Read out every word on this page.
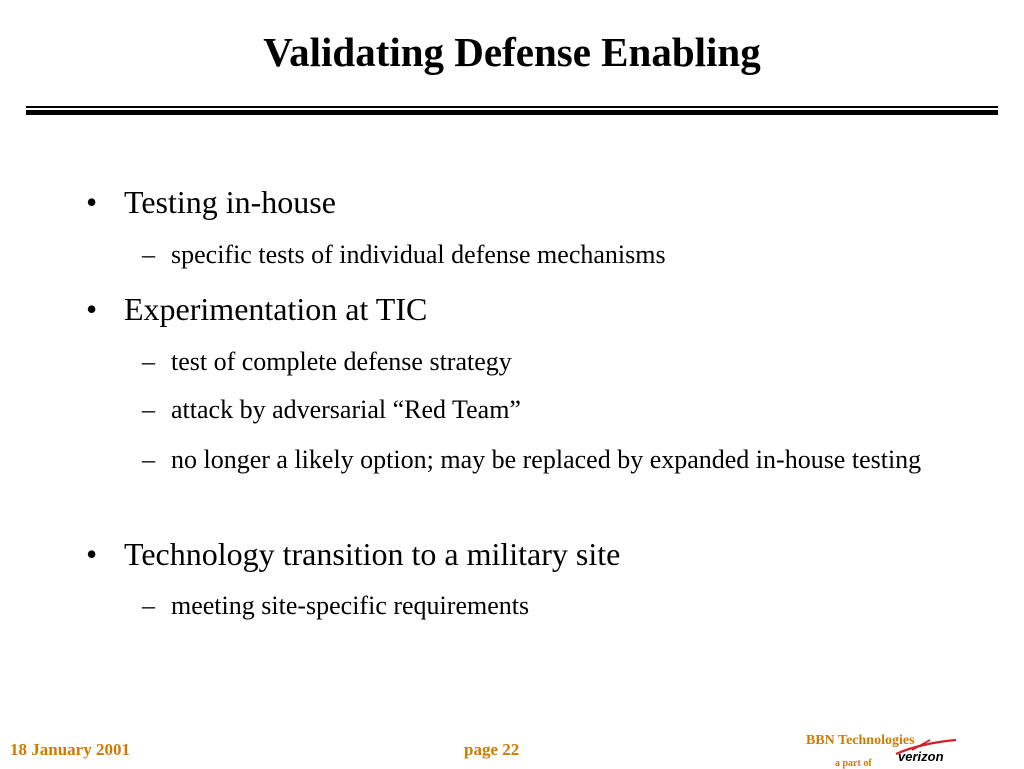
Validating Defense Enabling
• Testing in-house
– specific tests of individual defense mechanisms
• Experimentation at TIC
– test of complete defense strategy
– attack by adversarial “Red Team”
– no longer a likely option; may be replaced by expanded in-house testing
• Technology transition to a military site
– meeting site-specific requirements
18 January 2001	page 22	BBN Technologies
a part of verizon
